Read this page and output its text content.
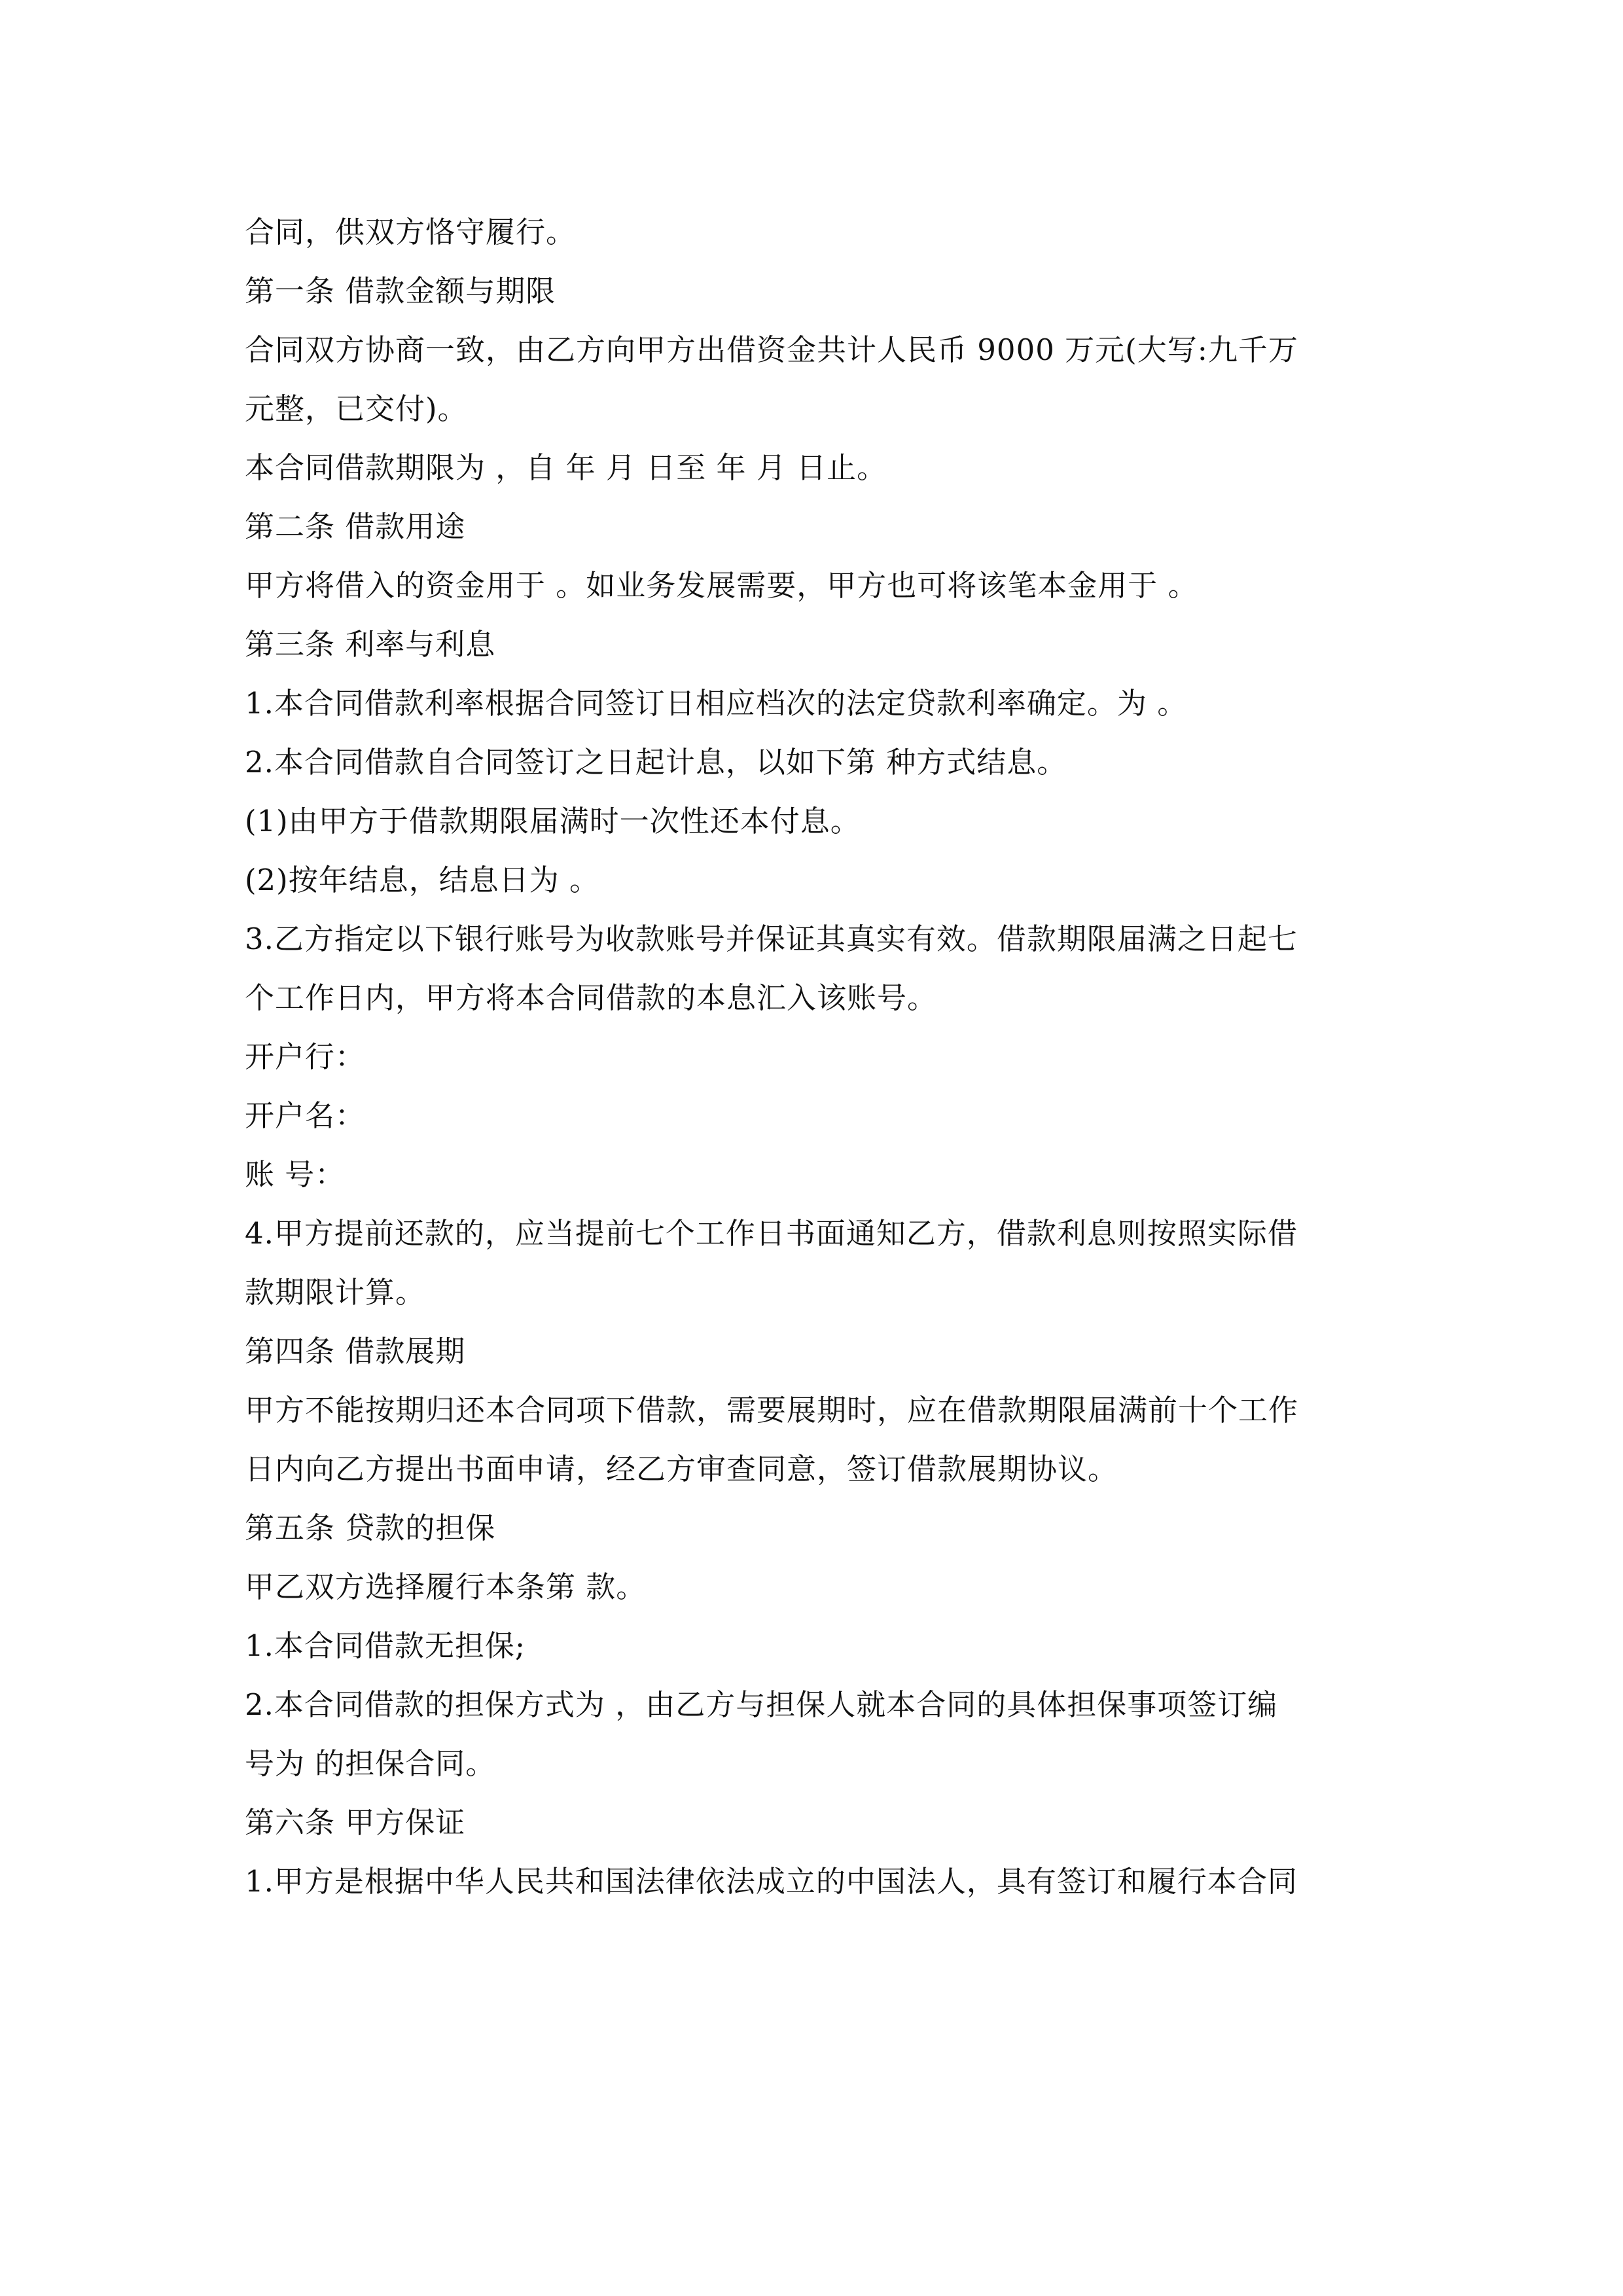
合同，供双方恪守履行。
第一条 借款金额与期限
合同双方协商一致，由乙方向甲方出借资金共计人民币 9000 万元(大写:九千万
元整，已交付)。
本合同借款期限为 ，自 年 月 日至 年 月 日止。
第二条 借款用途
甲方将借入的资金用于 。如业务发展需要，甲方也可将该笔本金用于 。
第三条 利率与利息
1.本合同借款利率根据合同签订日相应档次的法定贷款利率确定。为 。
2.本合同借款自合同签订之日起计息，以如下第 种方式结息。
(1)由甲方于借款期限届满时一次性还本付息。
(2)按年结息，结息日为 。
3.乙方指定以下银行账号为收款账号并保证其真实有效。借款期限届满之日起七
个工作日内，甲方将本合同借款的本息汇入该账号。
开户行：
开户名：
账 号：
4.甲方提前还款的，应当提前七个工作日书面通知乙方，借款利息则按照实际借
款期限计算。
第四条 借款展期
甲方不能按期归还本合同项下借款，需要展期时，应在借款期限届满前十个工作
日内向乙方提出书面申请，经乙方审查同意，签订借款展期协议。
第五条 贷款的担保
甲乙双方选择履行本条第 款。
1.本合同借款无担保;
2.本合同借款的担保方式为 ，由乙方与担保人就本合同的具体担保事项签订编
号为 的担保合同。
第六条 甲方保证
1.甲方是根据中华人民共和国法律依法成立的中国法人，具有签订和履行本合同
